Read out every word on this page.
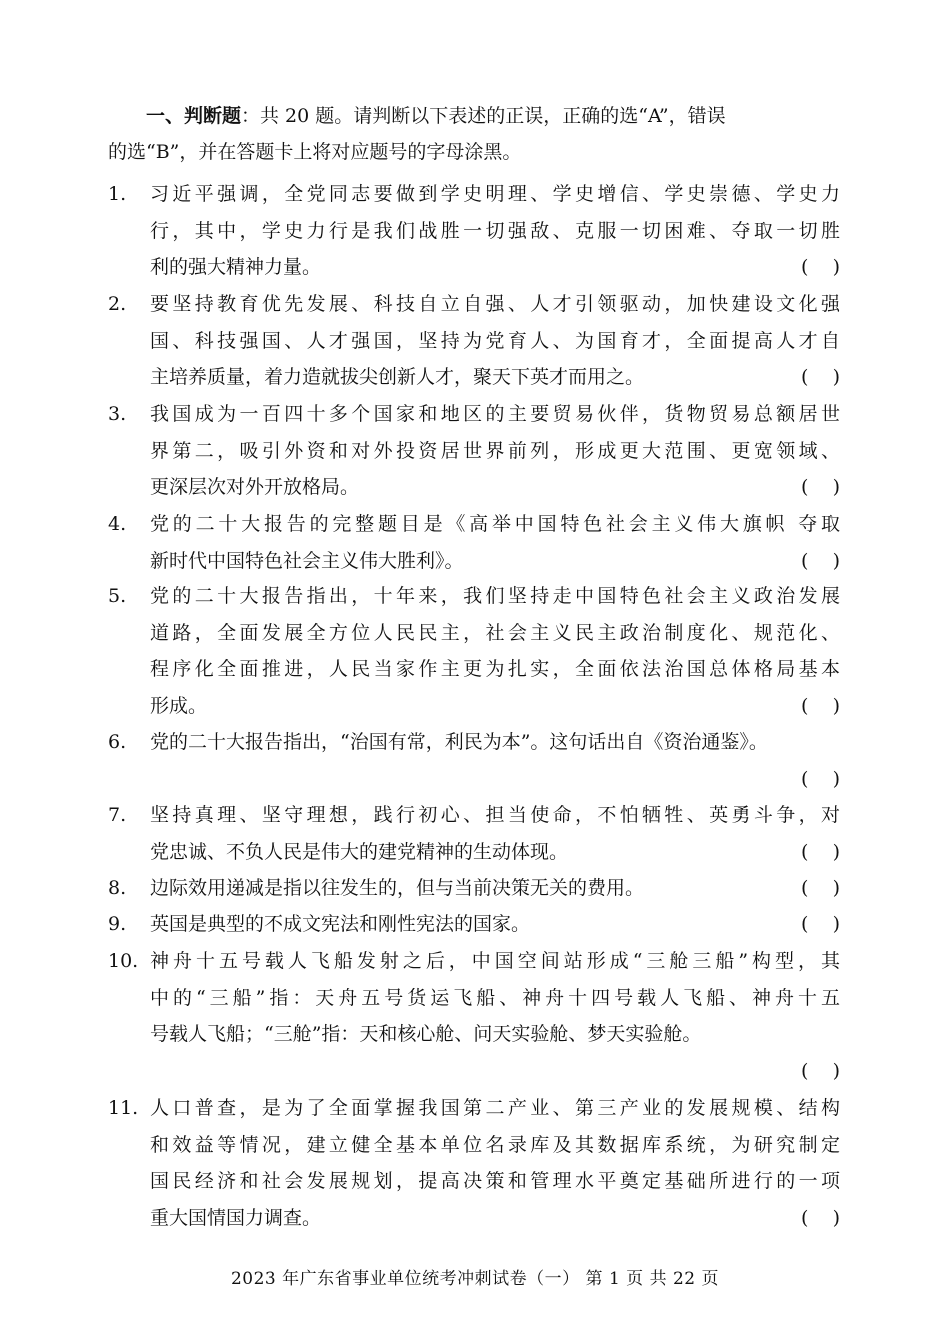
一、判断题：共 20 题。请判断以下表述的正误，正确的选“A”，错误
的选“B”，并在答题卡上将对应题号的字母涂黑。
1.	习近平强调，全党同志要做到学史明理、学史增信、学史崇德、学史力
行，其中，学史力行是我们战胜一切强敌、克服一切困难、夺取一切胜
利的强大精神力量。	(    )
2.	要坚持教育优先发展、科技自立自强、人才引领驱动，加快建设文化强
国、科技强国、人才强国，坚持为党育人、为国育才，全面提高人才自
主培养质量，着力造就拔尖创新人才，聚天下英才而用之。	(    )
3.	我国成为一百四十多个国家和地区的主要贸易伙伴，货物贸易总额居世
界第二，吸引外资和对外投资居世界前列，形成更大范围、更宽领域、
更深层次对外开放格局。	(    )
4.	党的二十大报告的完整题目是《高举中国特色社会主义伟大旗帜 夺取
新时代中国特色社会主义伟大胜利》。	(    )
5.	党的二十大报告指出，十年来，我们坚持走中国特色社会主义政治发展
道路，全面发展全方位人民民主，社会主义民主政治制度化、规范化、
程序化全面推进，人民当家作主更为扎实，全面依法治国总体格局基本
形成。	(    )
6.	党的二十大报告指出，“治国有常，利民为本”。这句话出自《资治通鉴》。
(    )
7.	坚持真理、坚守理想，践行初心、担当使命，不怕牺牲、英勇斗争，对
党忠诚、不负人民是伟大的建党精神的生动体现。	(    )
8.	边际效用递减是指以往发生的，但与当前决策无关的费用。	(    )
9.	英国是典型的不成文宪法和刚性宪法的国家。	(    )
10. 神舟十五号载人飞船发射之后，中国空间站形成“三舱三船”构型，其
中的“三船”指：天舟五号货运飞船、神舟十四号载人飞船、神舟十五
号载人飞船；“三舱”指：天和核心舱、问天实验舱、梦天实验舱。
(    )
11. 人口普查，是为了全面掌握我国第二产业、第三产业的发展规模、结构
和效益等情况，建立健全基本单位名录库及其数据库系统，为研究制定
国民经济和社会发展规划，提高决策和管理水平奠定基础所进行的一项
重大国情国力调查。	(    )
2023 年广东省事业单位统考冲刺试卷（一） 第 1 页 共 22 页
